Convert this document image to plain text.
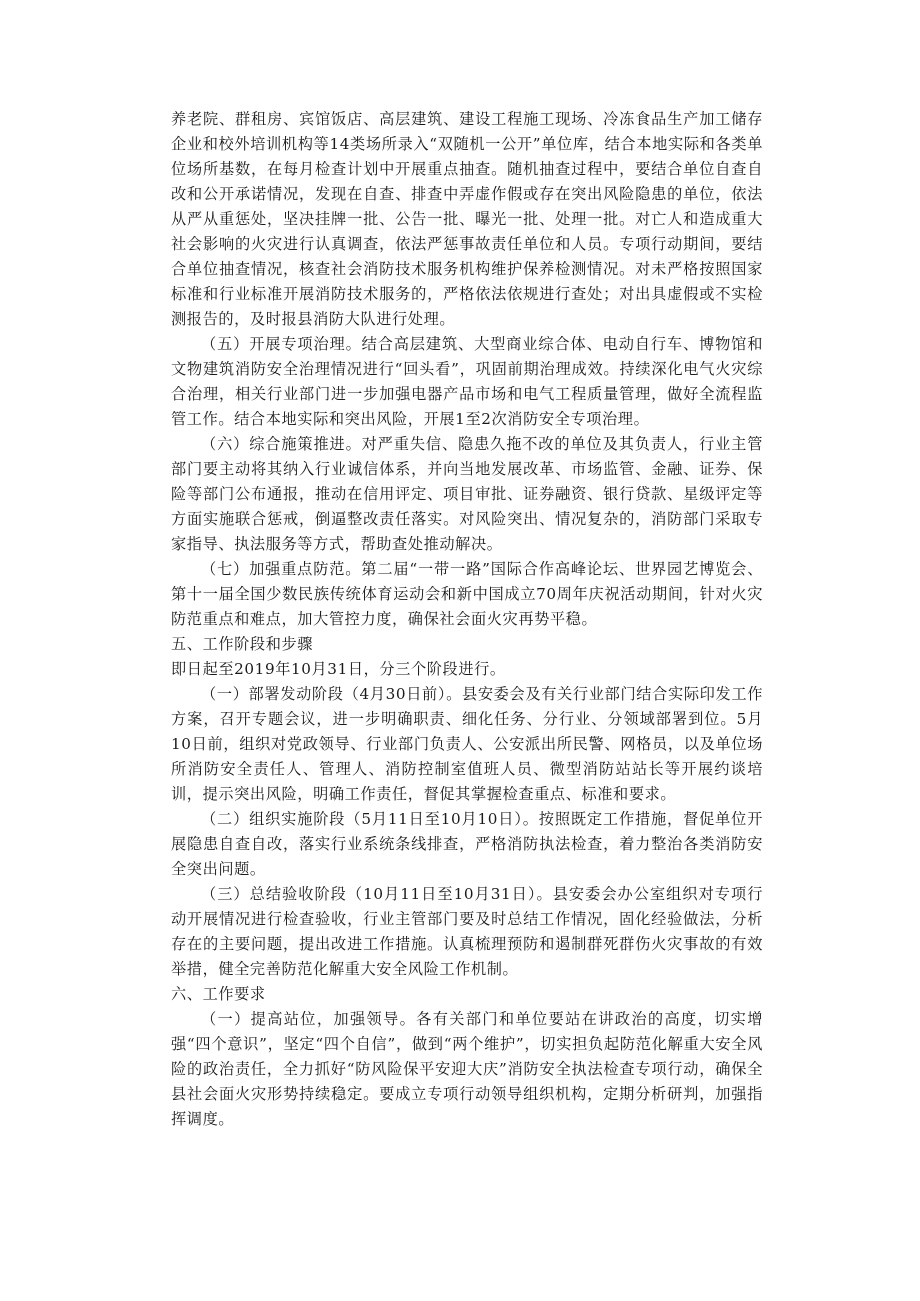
养老院、群租房、宾馆饭店、高层建筑、建设工程施工现场、冷冻食品生产加工储存企业和校外培训机构等14类场所录入“双随机一公开”单位库，结合本地实际和各类单位场所基数，在每月检查计划中开展重点抽查。随机抽查过程中，要结合单位自查自改和公开承诺情况，发现在自查、排查中弄虚作假或存在突出风险隐患的单位，依法从严从重惩处，坚决挂牌一批、公告一批、曝光一批、处理一批。对亡人和造成重大社会影响的火灾进行认真调查，依法严惩事故责任单位和人员。专项行动期间，要结合单位抽查情况，核查社会消防技术服务机构维护保养检测情况。对未严格按照国家标准和行业标准开展消防技术服务的，严格依法依规进行查处；对出具虚假或不实检测报告的，及时报县消防大队进行处理。

（五）开展专项治理。结合高层建筑、大型商业综合体、电动自行车、博物馆和文物建筑消防安全治理情况进行“回头看”，巩固前期治理成效。持续深化电气火灾综合治理，相关行业部门进一步加强电器产品市场和电气工程质量管理，做好全流程监管工作。结合本地实际和突出风险，开展1至2次消防安全专项治理。

（六）综合施策推进。对严重失信、隐患久拖不改的单位及其负责人，行业主管部门要主动将其纳入行业诚信体系，并向当地发展改革、市场监管、金融、证券、保险等部门公布通报，推动在信用评定、项目审批、证券融资、银行贷款、星级评定等方面实施联合惩戒，倒逼整改责任落实。对风险突出、情况复杂的，消防部门采取专家指导、执法服务等方式，帮助查处推动解决。

（七）加强重点防范。第二届“一带一路”国际合作高峰论坛、世界园艺博览会、第十一届全国少数民族传统体育运动会和新中国成立70周年庆祝活动期间，针对火灾防范重点和难点，加大管控力度，确保社会面火灾再势平稳。

五、工作阶段和步骤

即日起至2019年10月31日，分三个阶段进行。

（一）部署发动阶段（4月30日前）。县安委会及有关行业部门结合实际印发工作方案，召开专题会议，进一步明确职责、细化任务、分行业、分领域部署到位。5月10日前，组织对党政领导、行业部门负责人、公安派出所民警、网格员，以及单位场所消防安全责任人、管理人、消防控制室值班人员、微型消防站站长等开展约谈培训，提示突出风险，明确工作责任，督促其掌握检查重点、标准和要求。

（二）组织实施阶段（5月11日至10月10日）。按照既定工作措施，督促单位开展隐患自查自改，落实行业系统条线排查，严格消防执法检查，着力整治各类消防安全突出问题。

（三）总结验收阶段（10月11日至10月31日）。县安委会办公室组织对专项行动开展情况进行检查验收，行业主管部门要及时总结工作情况，固化经验做法，分析存在的主要问题，提出改进工作措施。认真梳理预防和遏制群死群伤火灾事故的有效举措，健全完善防范化解重大安全风险工作机制。

六、工作要求

（一）提高站位，加强领导。各有关部门和单位要站在讲政治的高度，切实增强“四个意识”，坚定“四个自信”，做到“两个维护”，切实担负起防范化解重大安全风险的政治责任，全力抓好“防风险保平安迎大庆”消防安全执法检查专项行动，确保全县社会面火灾形势持续稳定。要成立专项行动领导组织机构，定期分析研判，加强指挥调度。
